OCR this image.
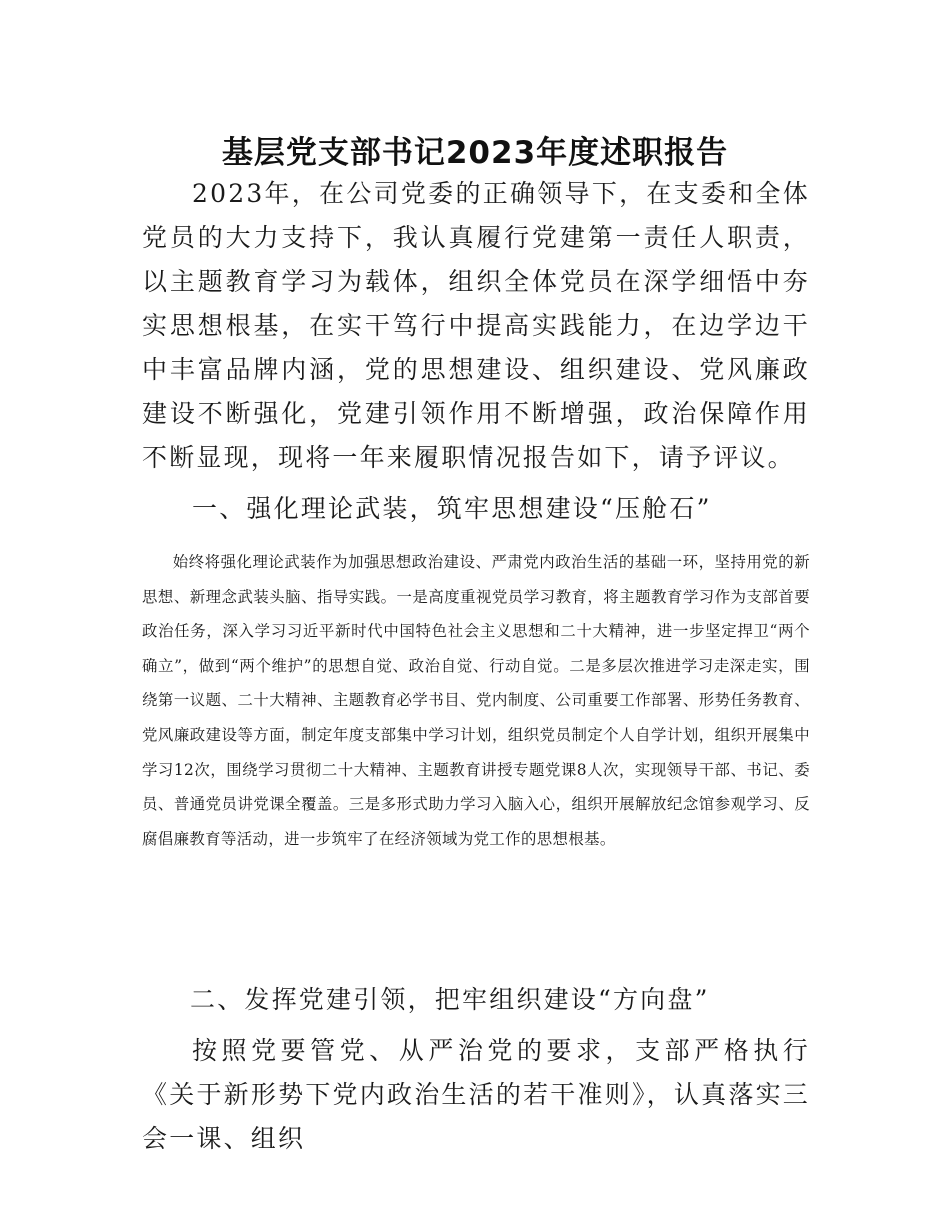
基层党支部书记2023年度述职报告

2023年，在公司党委的正确领导下，在支委和全体党员的大力支持下，我认真履行党建第一责任人职责，以主题教育学习为载体，组织全体党员在深学细悟中夯实思想根基，在实干笃行中提高实践能力，在边学边干中丰富品牌内涵，党的思想建设、组织建设、党风廉政建设不断强化，党建引领作用不断增强，政治保障作用不断显现，现将一年来履职情况报告如下，请予评议。

一、强化理论武装，筑牢思想建设“压舱石”

始终将强化理论武装作为加强思想政治建设、严肃党内政治生活的基础一环，坚持用党的新思想、新理念武装头脑、指导实践。一是高度重视党员学习教育，将主题教育学习作为支部首要政治任务，深入学习习近平新时代中国特色社会主义思想和二十大精神，进一步坚定捍卫“两个确立”，做到“两个维护”的思想自觉、政治自觉、行动自觉。二是多层次推进学习走深走实，围绕第一议题、二十大精神、主题教育必学书目、党内制度、公司重要工作部署、形势任务教育、党风廉政建设等方面，制定年度支部集中学习计划，组织党员制定个人自学计划，组织开展集中学习12次，围绕学习贯彻二十大精神、主题教育讲授专题党课8人次，实现领导干部、书记、委员、普通党员讲党课全覆盖。三是多形式助力学习入脑入心，组织开展解放纪念馆参观学习、反腐倡廉教育等活动，进一步筑牢了在经济领域为党工作的思想根基。

二、发挥党建引领，把牢组织建设“方向盘”

按照党要管党、从严治党的要求，支部严格执行《关于新形势下党内政治生活的若干准则》，认真落实三会一课、组织
